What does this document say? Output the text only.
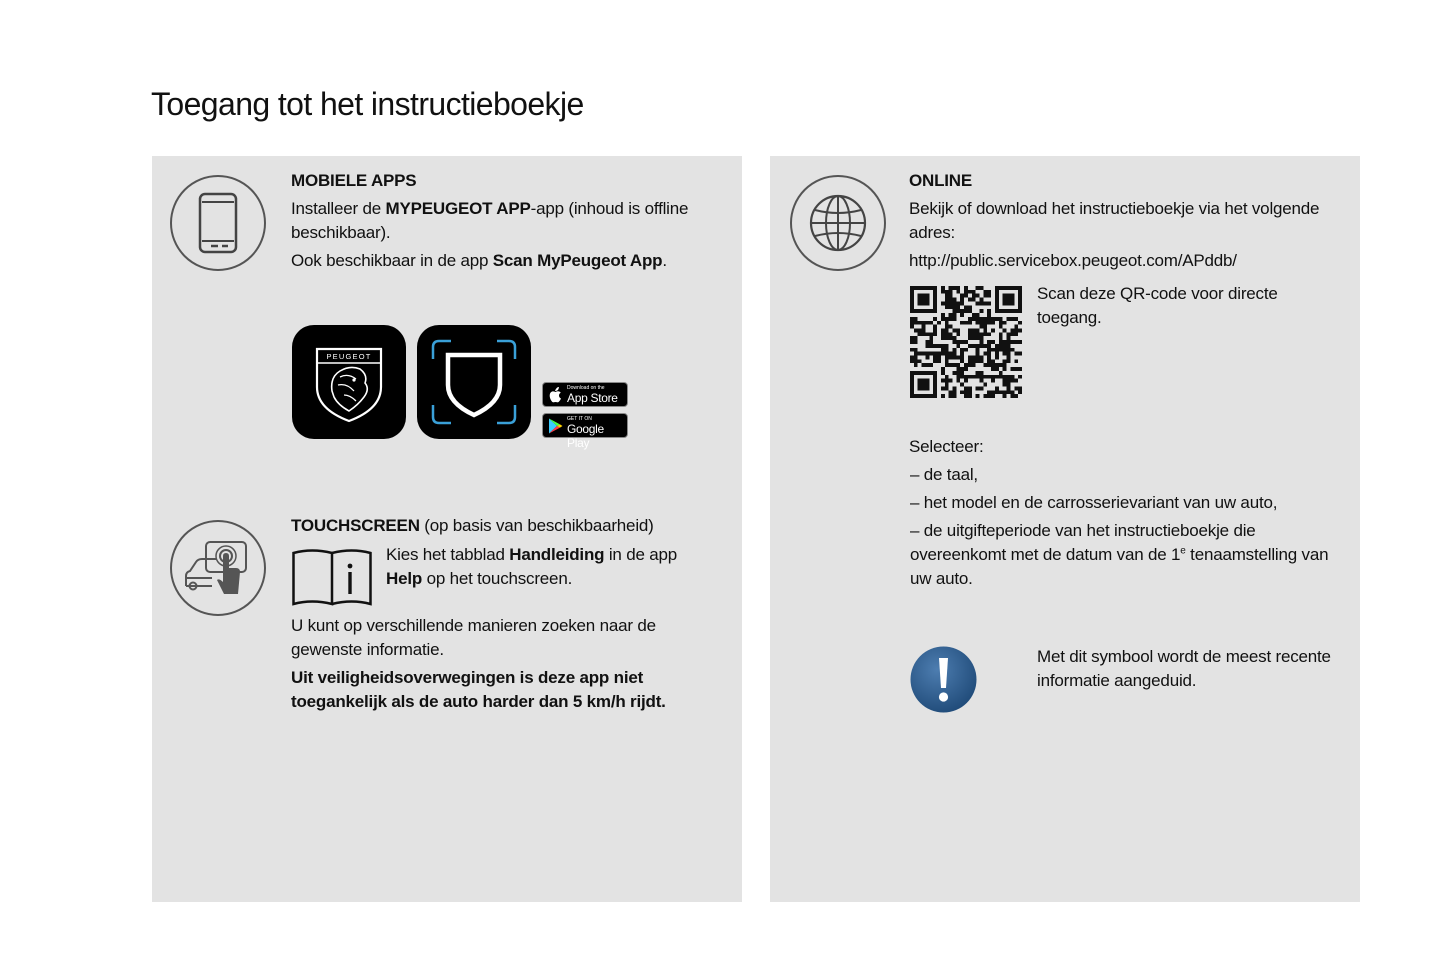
Toegang tot het instructieboekje
MOBIELE APPS
Installeer de MYPEUGEOT APP-app (inhoud is offline beschikbaar).
Ook beschikbaar in de app Scan MyPeugeot App.
PEUGEOT
Download on the
App Store
GET IT ON
Google Play
TOUCHSCREEN (op basis van beschikbaarheid)
Kies het tabblad Handleiding in de app
Help op het touchscreen.
U kunt op verschillende manieren zoeken naar de gewenste informatie.
Uit veiligheidsoverwegingen is deze app niet toegankelijk als de auto harder dan 5 km/h rijdt.
ONLINE
Bekijk of download het instructieboekje via het volgende adres:
http://public.servicebox.peugeot.com/APddb/
Scan deze QR-code voor directe toegang.
Selecteer:
– de taal,
– het model en de carrosserievariant van uw auto,
– de uitgifteperiode van het instructieboekje die overeenkomt met de datum van de 1e tenaamstelling van uw auto.
Met dit symbool wordt de meest recente informatie aangeduid.
